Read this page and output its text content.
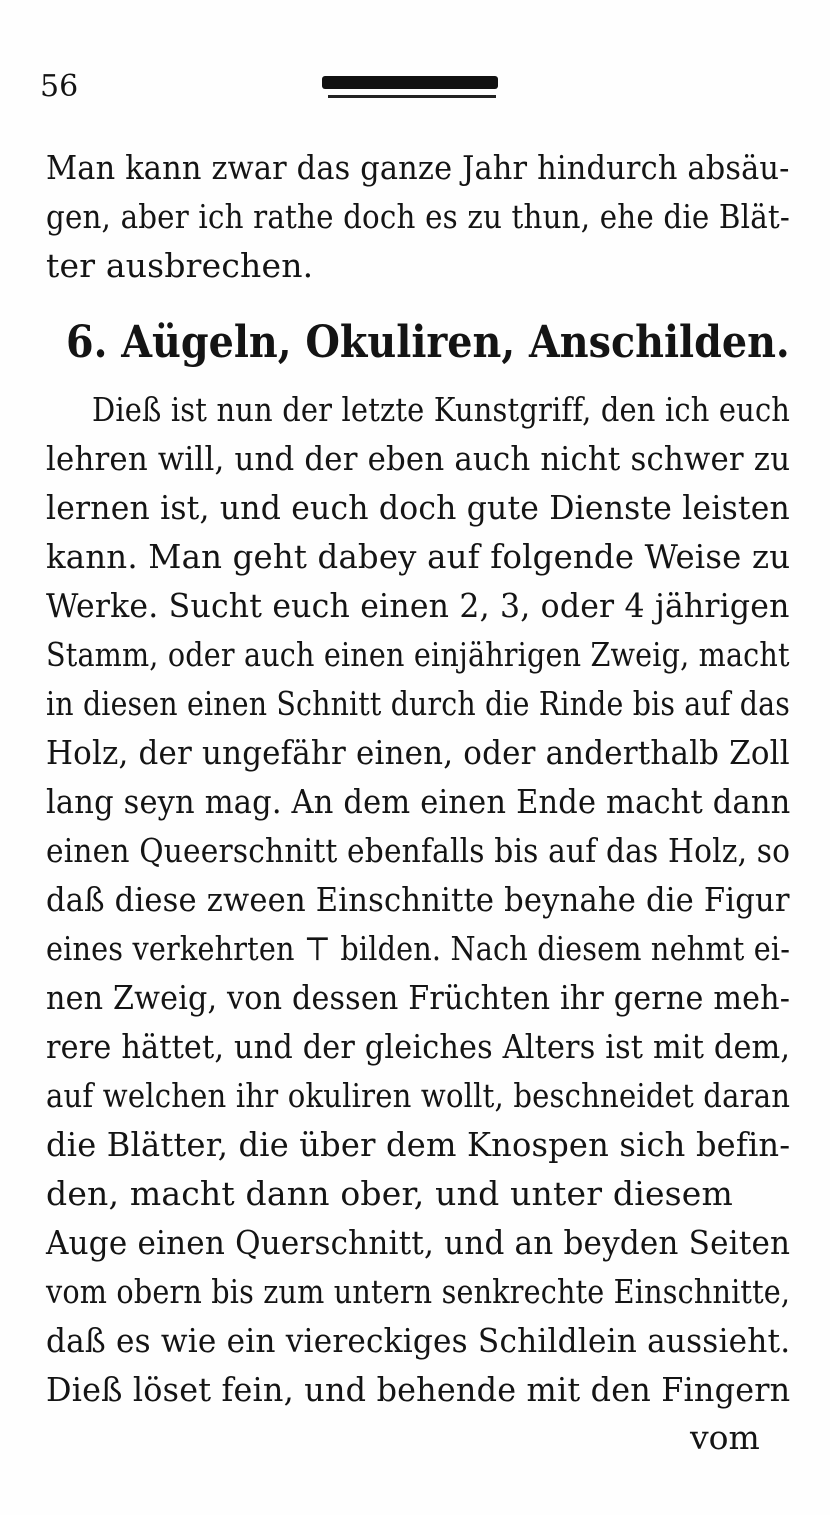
56
Man kann zwar das ganze Jahr hindurch absäu-
gen, aber ich rathe doch es zu thun, ehe die Blät-
ter ausbrechen.
6. Aügeln, Okuliren, Anschilden.
Dieß ist nun der letzte Kunstgriff, den ich euch
lehren will, und der eben auch nicht schwer zu
lernen ist, und euch doch gute Dienste leisten
kann. Man geht dabey auf folgende Weise zu
Werke. Sucht euch einen 2, 3, oder 4 jährigen
Stamm, oder auch einen einjährigen Zweig, macht
in diesen einen Schnitt durch die Rinde bis auf das
Holz, der ungefähr einen, oder anderthalb Zoll
lang seyn mag. An dem einen Ende macht dann
einen Queerschnitt ebenfalls bis auf das Holz, so
daß diese zween Einschnitte beynahe die Figur
eines verkehrten ⊤ bilden. Nach diesem nehmt ei-
nen Zweig, von dessen Früchten ihr gerne meh-
rere hättet, und der gleiches Alters ist mit dem,
auf welchen ihr okuliren wollt, beschneidet daran
die Blätter, die über dem Knospen sich befin-
den, macht dann ober, und unter diesem
Auge einen Querschnitt, und an beyden Seiten
vom obern bis zum untern senkrechte Einschnitte,
daß es wie ein viereckiges Schildlein aussieht.
Dieß löset fein, und behende mit den Fingern
vom
